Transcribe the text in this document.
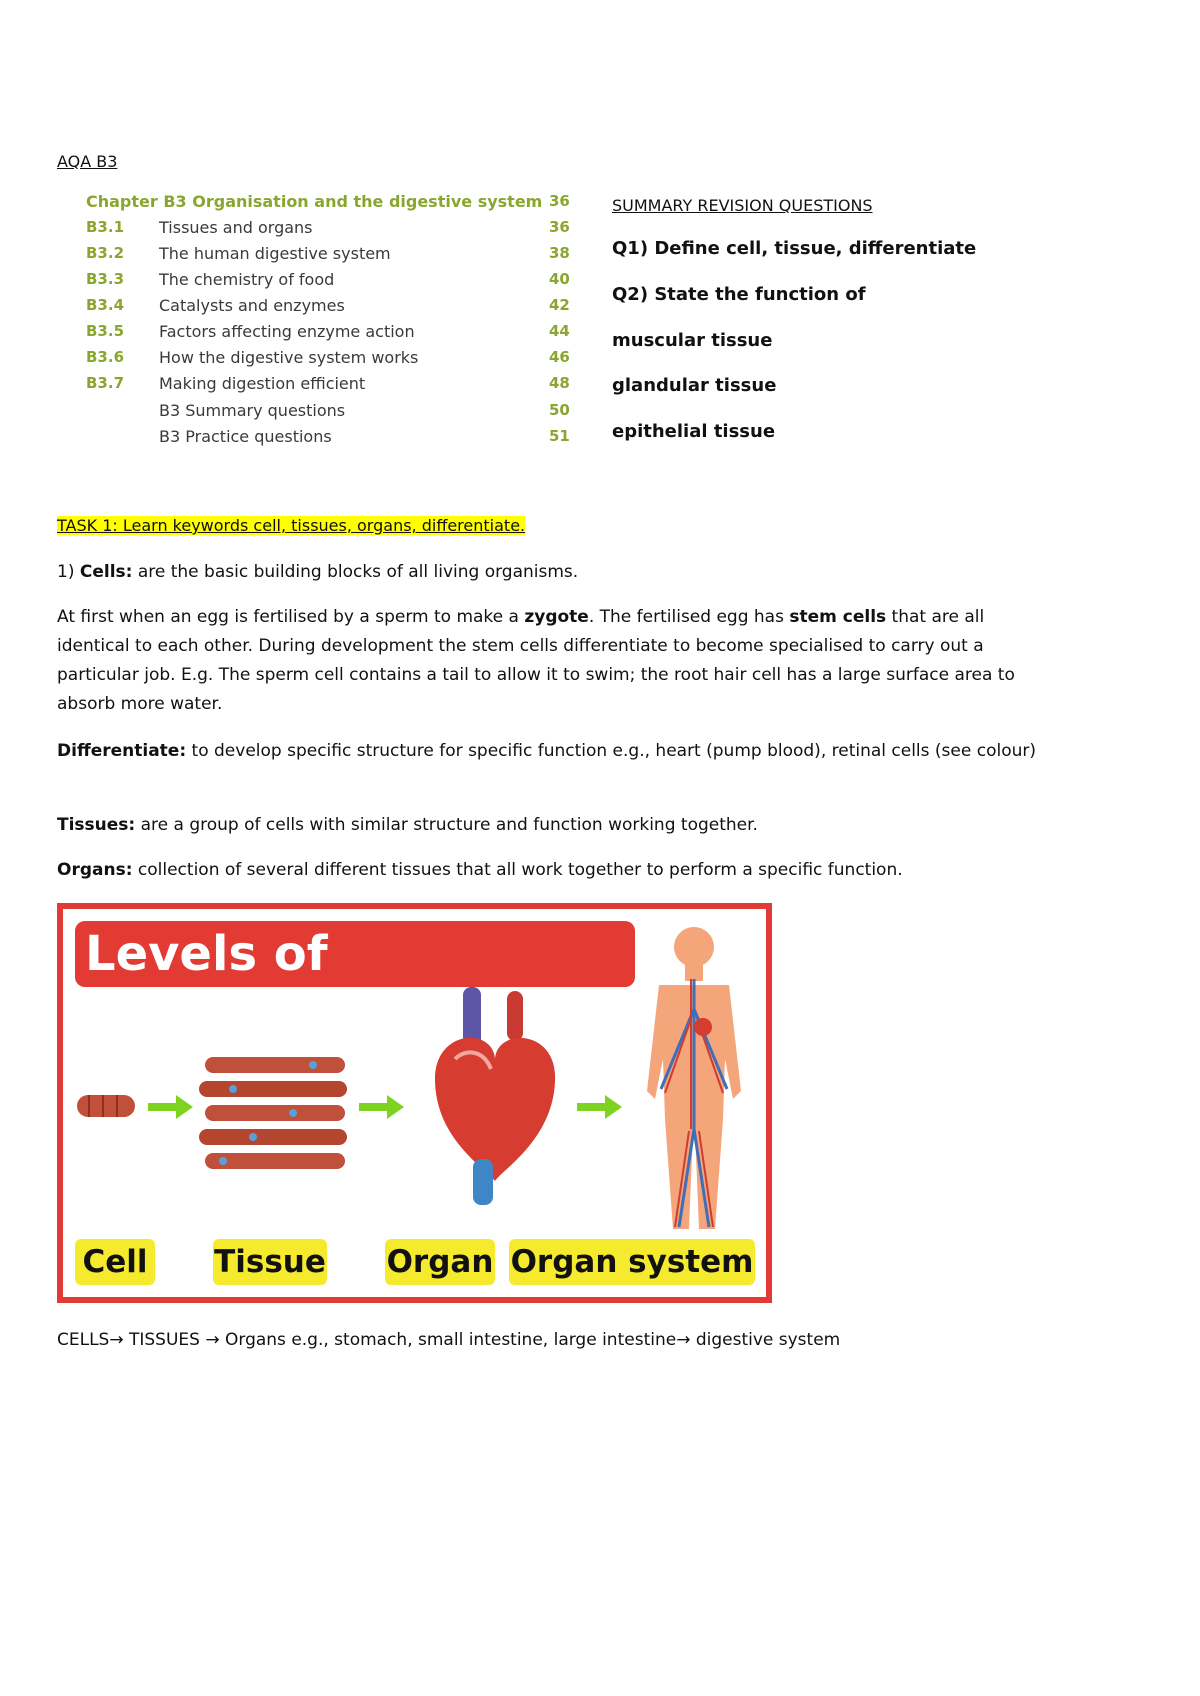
AQA B3
Chapter B3 Organisation and the digestive system 36
B3.1 Tissues and organs	36
B3.2 The human digestive system	38
B3.3 The chemistry of food	40
B3.4 Catalysts and enzymes	42
B3.5 Factors affecting enzyme action	44
B3.6 How the digestive system works	46
B3.7 Making digestion efficient	48
B3 Summary questions	50
B3 Practice questions	51
SUMMARY REVISION QUESTIONS
Q1) Define cell, tissue, differentiate
Q2) State the function of
muscular tissue
glandular tissue
epithelial tissue
TASK 1: Learn keywords cell, tissues, organs, differentiate.
1) Cells: are the basic building blocks of all living organisms.
At first when an egg is fertilised by a sperm to make a zygote. The fertilised egg has stem cells that are all identical to each other. During development the stem cells differentiate to become specialised to carry out a particular job. E.g. The sperm cell contains a tail to allow it to swim; the root hair cell has a large surface area to absorb more water.
Differentiate: to develop specific structure for specific function e.g., heart (pump blood), retinal cells (see colour)
Tissues: are a group of cells with similar structure and function working together.
Organs: collection of several different tissues that all work together to perform a specific function.
Levels of organisation
Cell Tissue Organ Organ system
CELLS→ TISSUES → Organs e.g., stomach, small intestine, large intestine→ digestive system
